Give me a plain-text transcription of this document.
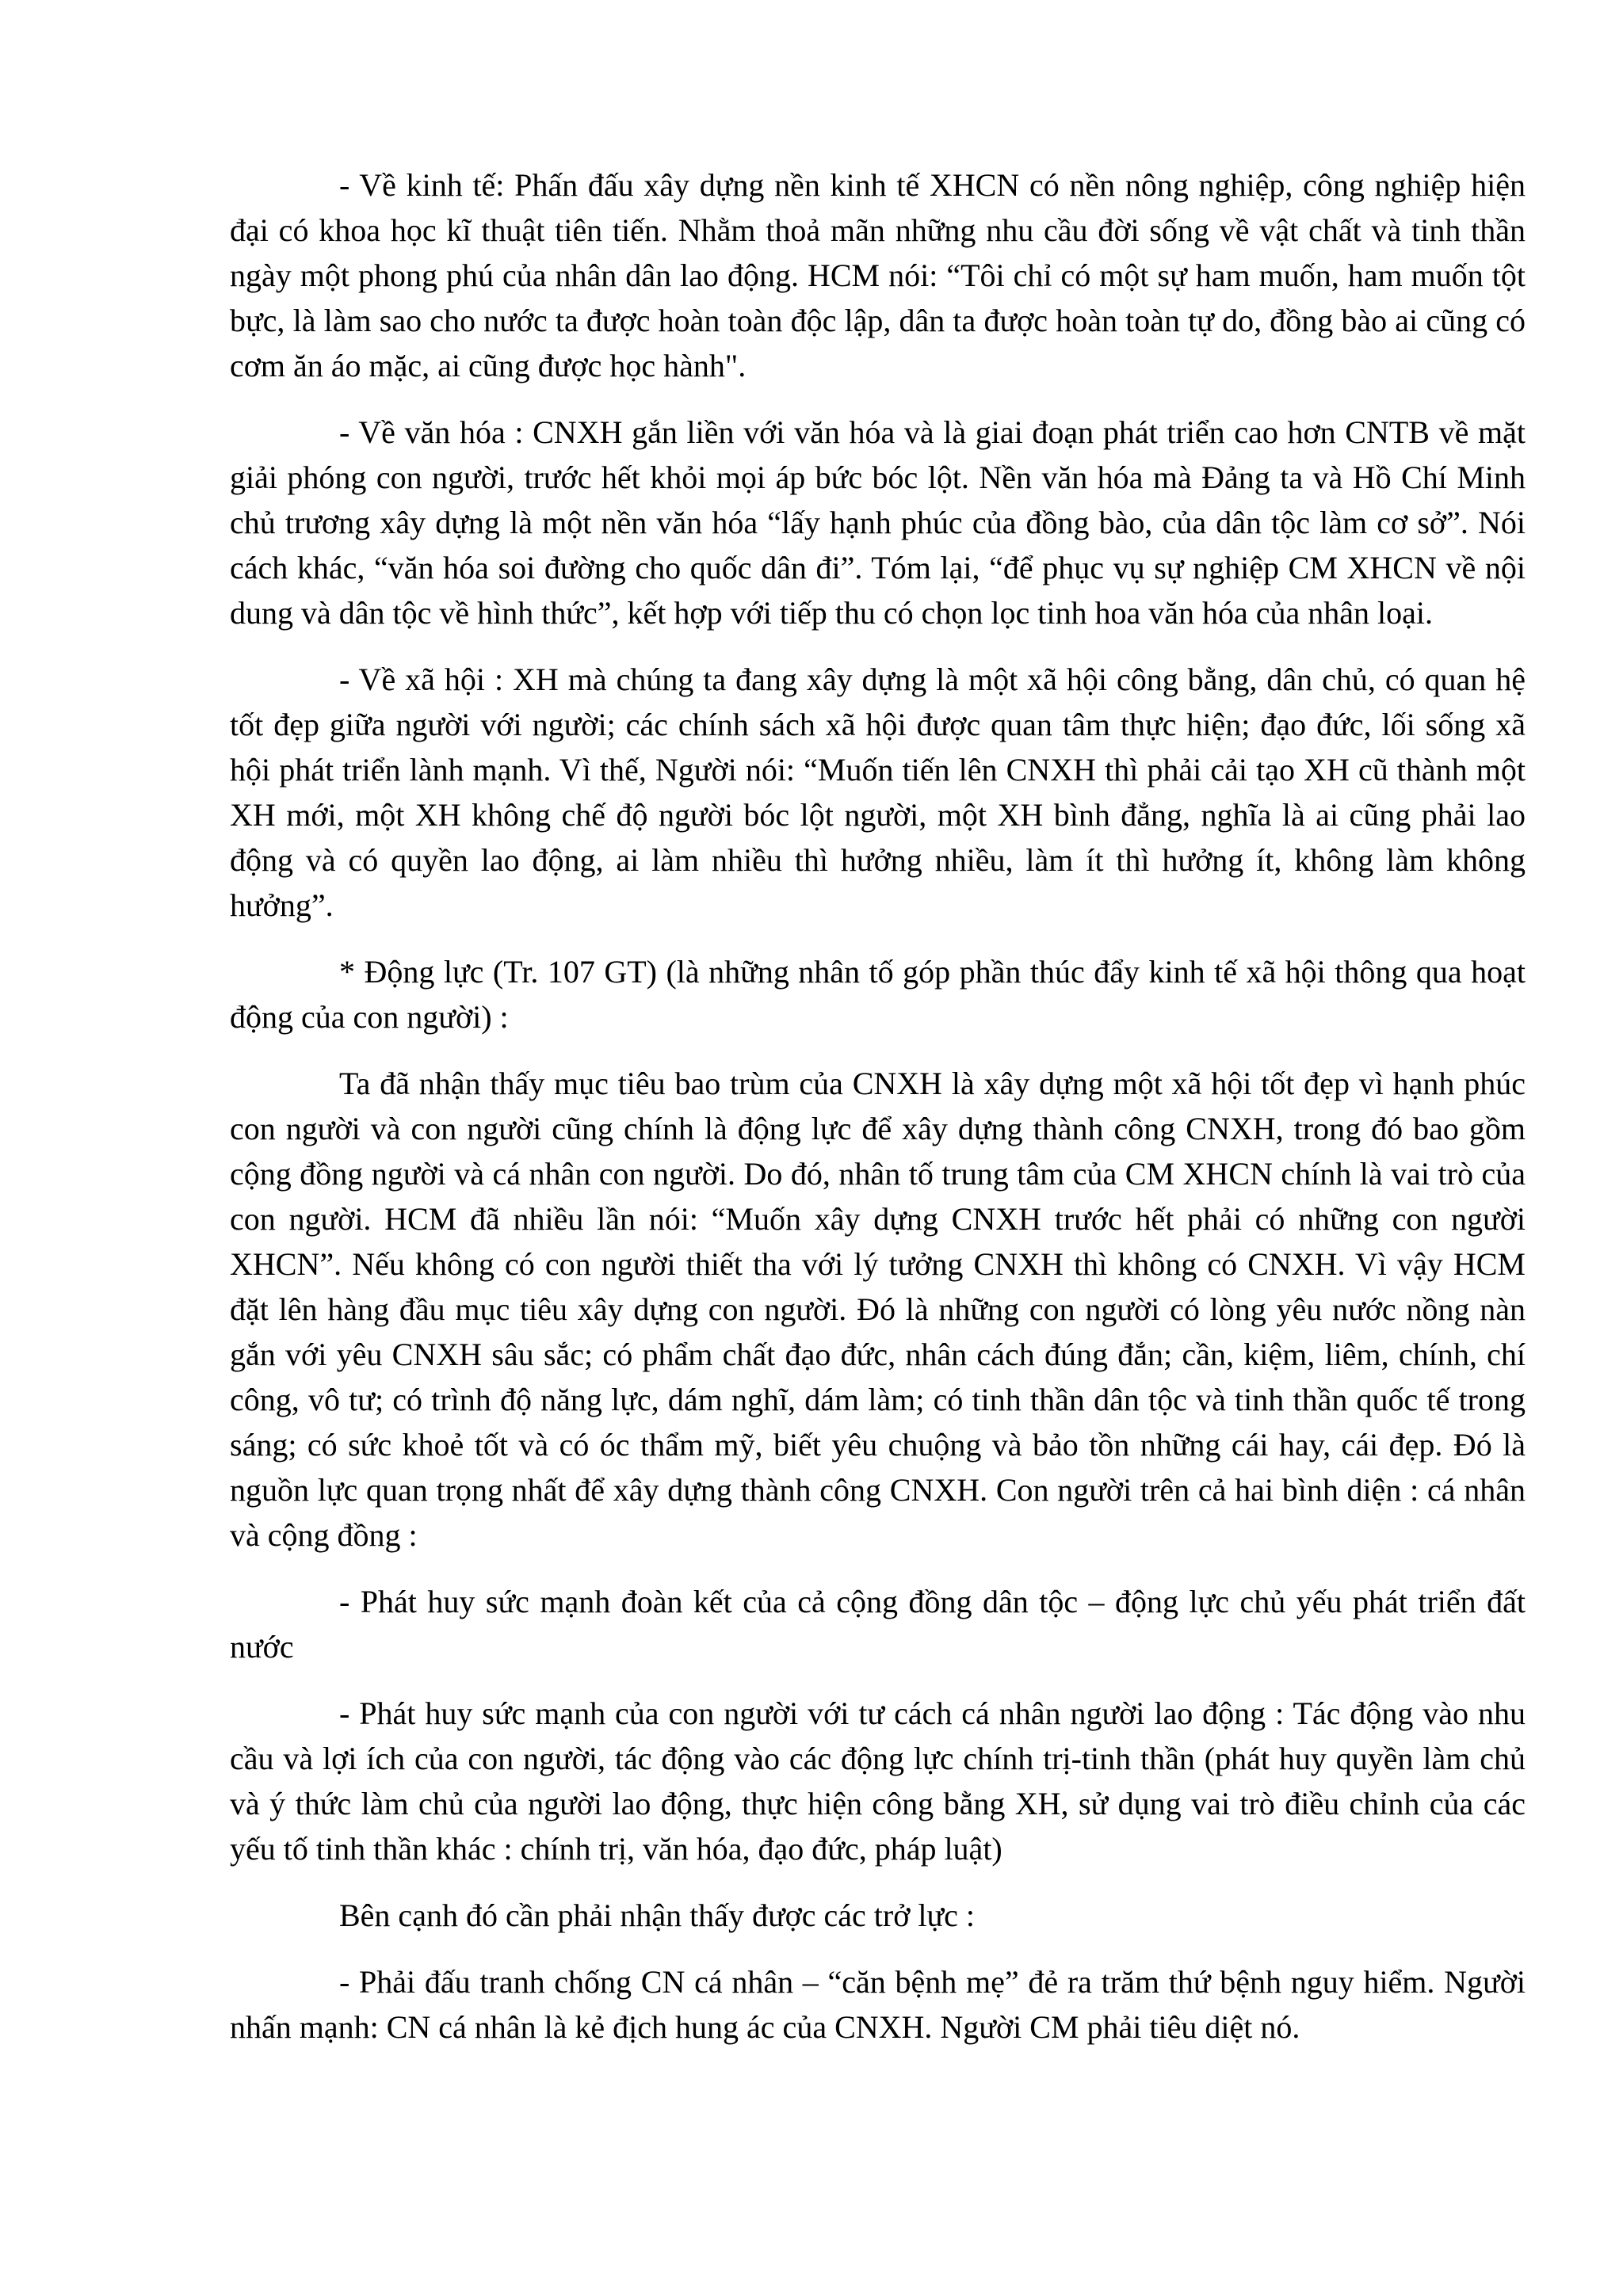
- Về kinh tế: Phấn đấu xây dựng nền kinh tế XHCN có nền nông nghiệp, công nghiệp hiện đại có khoa học kĩ thuật tiên tiến. Nhằm thoả mãn những nhu cầu đời sống về vật chất và tinh thần ngày một phong phú của nhân dân lao động. HCM nói: “Tôi chỉ có một sự ham muốn, ham muốn tột bực, là làm sao cho nước ta được hoàn toàn độc lập, dân ta được hoàn toàn tự do, đồng bào ai cũng có cơm ăn áo mặc, ai cũng được học hành".

- Về văn hóa : CNXH gắn liền với văn hóa và là giai đoạn phát triển cao hơn CNTB về mặt giải phóng con người, trước hết khỏi mọi áp bức bóc lột. Nền văn hóa mà Đảng ta và Hồ Chí Minh chủ trương xây dựng là một nền văn hóa “lấy hạnh phúc của đồng bào, của dân tộc làm cơ sở”. Nói cách khác, “văn hóa soi đường cho quốc dân đi”. Tóm lại, “để phục vụ sự nghiệp CM XHCN về nội dung và dân tộc về hình thức”, kết hợp với tiếp thu có chọn lọc tinh hoa văn hóa của nhân loại.

- Về xã hội : XH mà chúng ta đang xây dựng là một xã hội công bằng, dân chủ, có quan hệ tốt đẹp giữa người với người; các chính sách xã hội được quan tâm thực hiện; đạo đức, lối sống xã hội phát triển lành mạnh. Vì thế, Người nói: “Muốn tiến lên CNXH thì phải cải tạo XH cũ thành một XH mới, một XH không chế độ người bóc lột người, một XH bình đẳng, nghĩa là ai cũng phải lao động và có quyền lao động, ai làm nhiều thì hưởng nhiều, làm ít thì hưởng ít, không làm không hưởng”.

* Động lực (Tr. 107 GT) (là những nhân tố góp phần thúc đẩy kinh tế xã hội thông qua hoạt động của con người) :

Ta đã nhận thấy mục tiêu bao trùm của CNXH là xây dựng một xã hội tốt đẹp vì hạnh phúc con người và con người cũng chính là động lực để xây dựng thành công CNXH, trong đó bao gồm cộng đồng người và cá nhân con người. Do đó, nhân tố trung tâm của CM XHCN chính là vai trò của con người. HCM đã nhiều lần nói: “Muốn xây dựng CNXH trước hết phải có những con người XHCN”. Nếu không có con người thiết tha với lý tưởng CNXH thì không có CNXH. Vì vậy HCM đặt lên hàng đầu mục tiêu xây dựng con người. Đó là những con người có lòng yêu nước nồng nàn gắn với yêu CNXH sâu sắc; có phẩm chất đạo đức, nhân cách đúng đắn; cần, kiệm, liêm, chính, chí công, vô tư; có trình độ năng lực, dám nghĩ, dám làm; có tinh thần dân tộc và tinh thần quốc tế trong sáng; có sức khoẻ tốt và có óc thẩm mỹ, biết yêu chuộng và bảo tồn những cái hay, cái đẹp. Đó là nguồn lực quan trọng nhất để xây dựng thành công CNXH. Con người trên cả hai bình diện : cá nhân và cộng đồng :

- Phát huy sức mạnh đoàn kết của cả cộng đồng dân tộc – động lực chủ yếu phát triển đất nước

- Phát huy sức mạnh của con người với tư cách cá nhân người lao động : Tác động vào nhu cầu và lợi ích của con người, tác động vào các động lực chính trị-tinh thần (phát huy quyền làm chủ và ý thức làm chủ của người lao động, thực hiện công bằng XH, sử dụng vai trò điều chỉnh của các yếu tố tinh thần khác : chính trị, văn hóa, đạo đức, pháp luật)

Bên cạnh đó cần phải nhận thấy được các trở lực :

- Phải đấu tranh chống CN cá nhân – “căn bệnh mẹ” đẻ ra trăm thứ bệnh nguy hiểm. Người nhấn mạnh: CN cá nhân là kẻ địch hung ác của CNXH. Người CM phải tiêu diệt nó.
